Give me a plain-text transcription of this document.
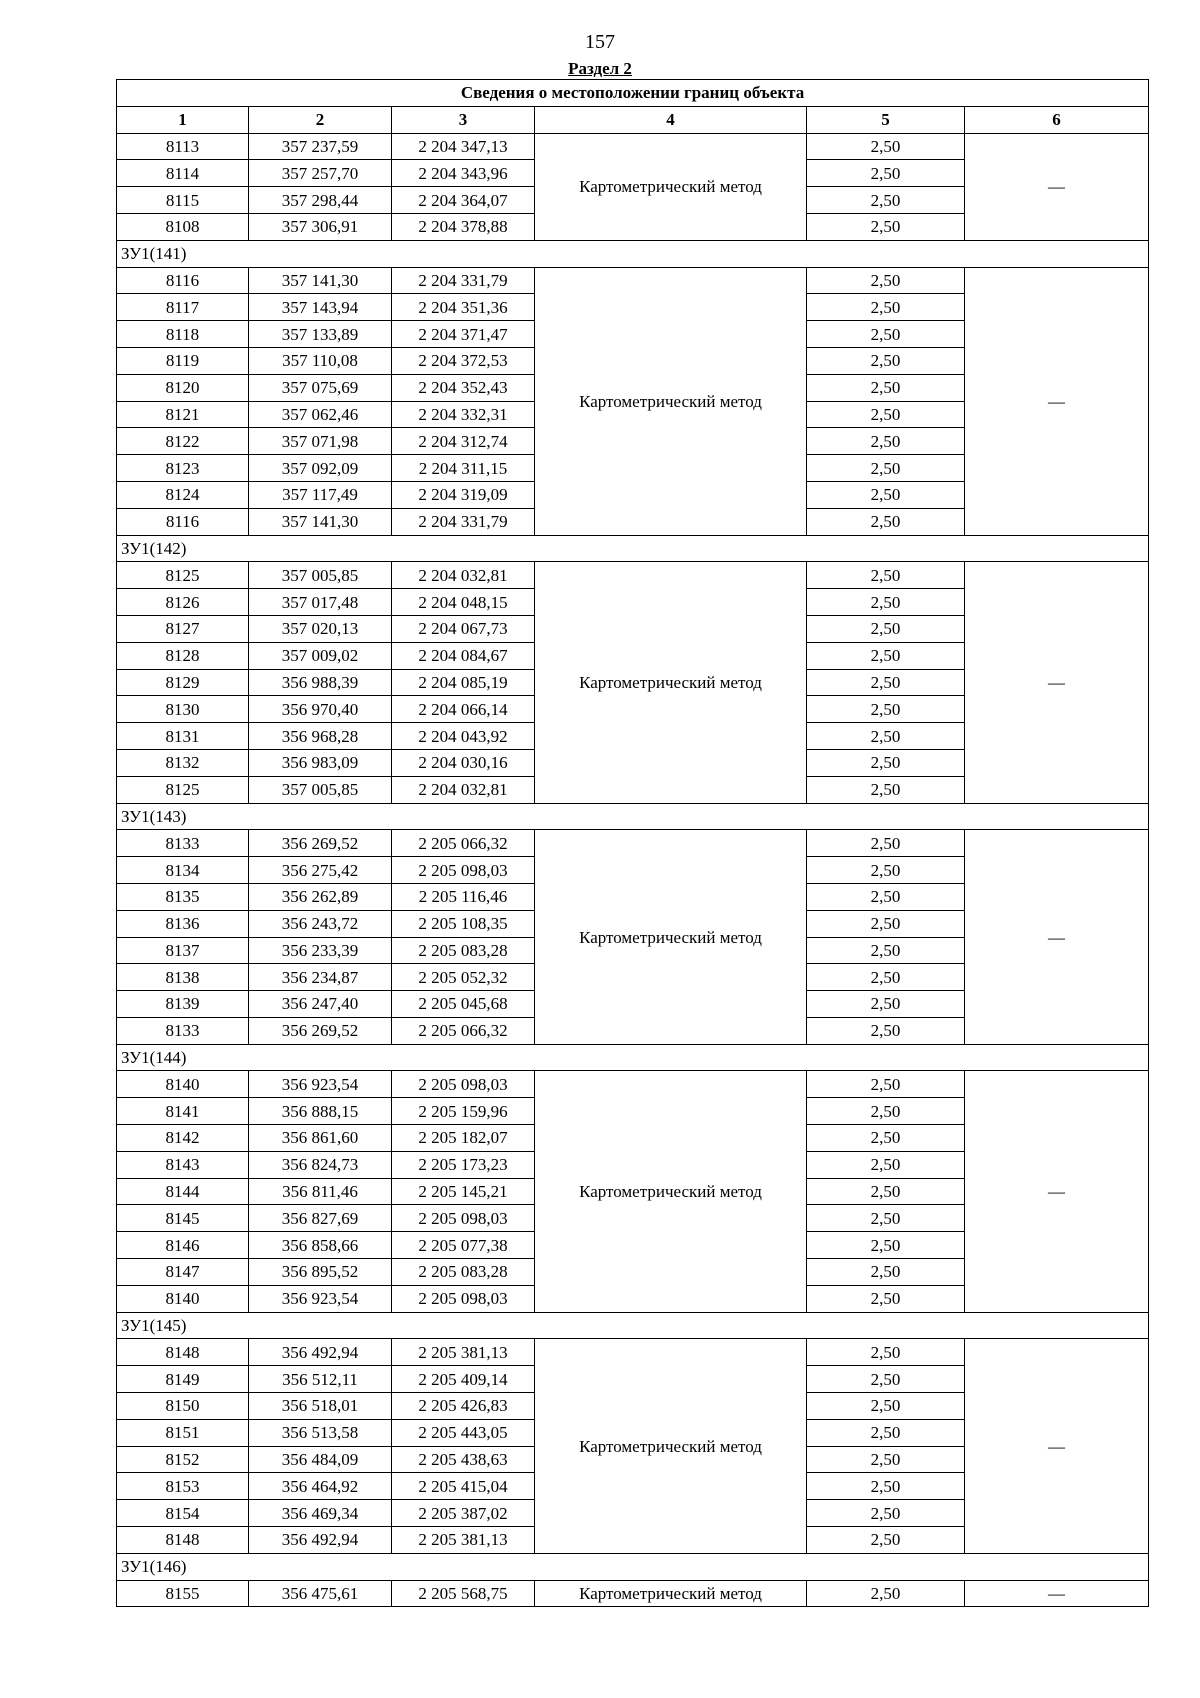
157
Раздел 2
Сведения о местоположении границ объекта					
1	2	3	4	5	6
8113	357 237,59	2 204 347,13	Картометрический метод	2,50	—
8114	357 257,70	2 204 343,96		2,50	
8115	357 298,44	2 204 364,07		2,50	
8108	357 306,91	2 204 378,88		2,50	
ЗУ1(141)					
8116	357 141,30	2 204 331,79	Картометрический метод	2,50	—
8117	357 143,94	2 204 351,36		2,50	
8118	357 133,89	2 204 371,47		2,50	
8119	357 110,08	2 204 372,53		2,50	
8120	357 075,69	2 204 352,43		2,50	
8121	357 062,46	2 204 332,31		2,50	
8122	357 071,98	2 204 312,74		2,50	
8123	357 092,09	2 204 311,15		2,50	
8124	357 117,49	2 204 319,09		2,50	
8116	357 141,30	2 204 331,79		2,50	
ЗУ1(142)					
8125	357 005,85	2 204 032,81	Картометрический метод	2,50	—
8126	357 017,48	2 204 048,15		2,50	
8127	357 020,13	2 204 067,73		2,50	
8128	357 009,02	2 204 084,67		2,50	
8129	356 988,39	2 204 085,19		2,50	
8130	356 970,40	2 204 066,14		2,50	
8131	356 968,28	2 204 043,92		2,50	
8132	356 983,09	2 204 030,16		2,50	
8125	357 005,85	2 204 032,81		2,50	
ЗУ1(143)					
8133	356 269,52	2 205 066,32	Картометрический метод	2,50	—
8134	356 275,42	2 205 098,03		2,50	
8135	356 262,89	2 205 116,46		2,50	
8136	356 243,72	2 205 108,35		2,50	
8137	356 233,39	2 205 083,28		2,50	
8138	356 234,87	2 205 052,32		2,50	
8139	356 247,40	2 205 045,68		2,50	
8133	356 269,52	2 205 066,32		2,50	
ЗУ1(144)					
8140	356 923,54	2 205 098,03	Картометрический метод	2,50	—
8141	356 888,15	2 205 159,96		2,50	
8142	356 861,60	2 205 182,07		2,50	
8143	356 824,73	2 205 173,23		2,50	
8144	356 811,46	2 205 145,21		2,50	
8145	356 827,69	2 205 098,03		2,50	
8146	356 858,66	2 205 077,38		2,50	
8147	356 895,52	2 205 083,28		2,50	
8140	356 923,54	2 205 098,03		2,50	
ЗУ1(145)					
8148	356 492,94	2 205 381,13	Картометрический метод	2,50	—
8149	356 512,11	2 205 409,14		2,50	
8150	356 518,01	2 205 426,83		2,50	
8151	356 513,58	2 205 443,05		2,50	
8152	356 484,09	2 205 438,63		2,50	
8153	356 464,92	2 205 415,04		2,50	
8154	356 469,34	2 205 387,02		2,50	
8148	356 492,94	2 205 381,13		2,50	
ЗУ1(146)					
8155	356 475,61	2 205 568,75	Картометрический метод	2,50	—
